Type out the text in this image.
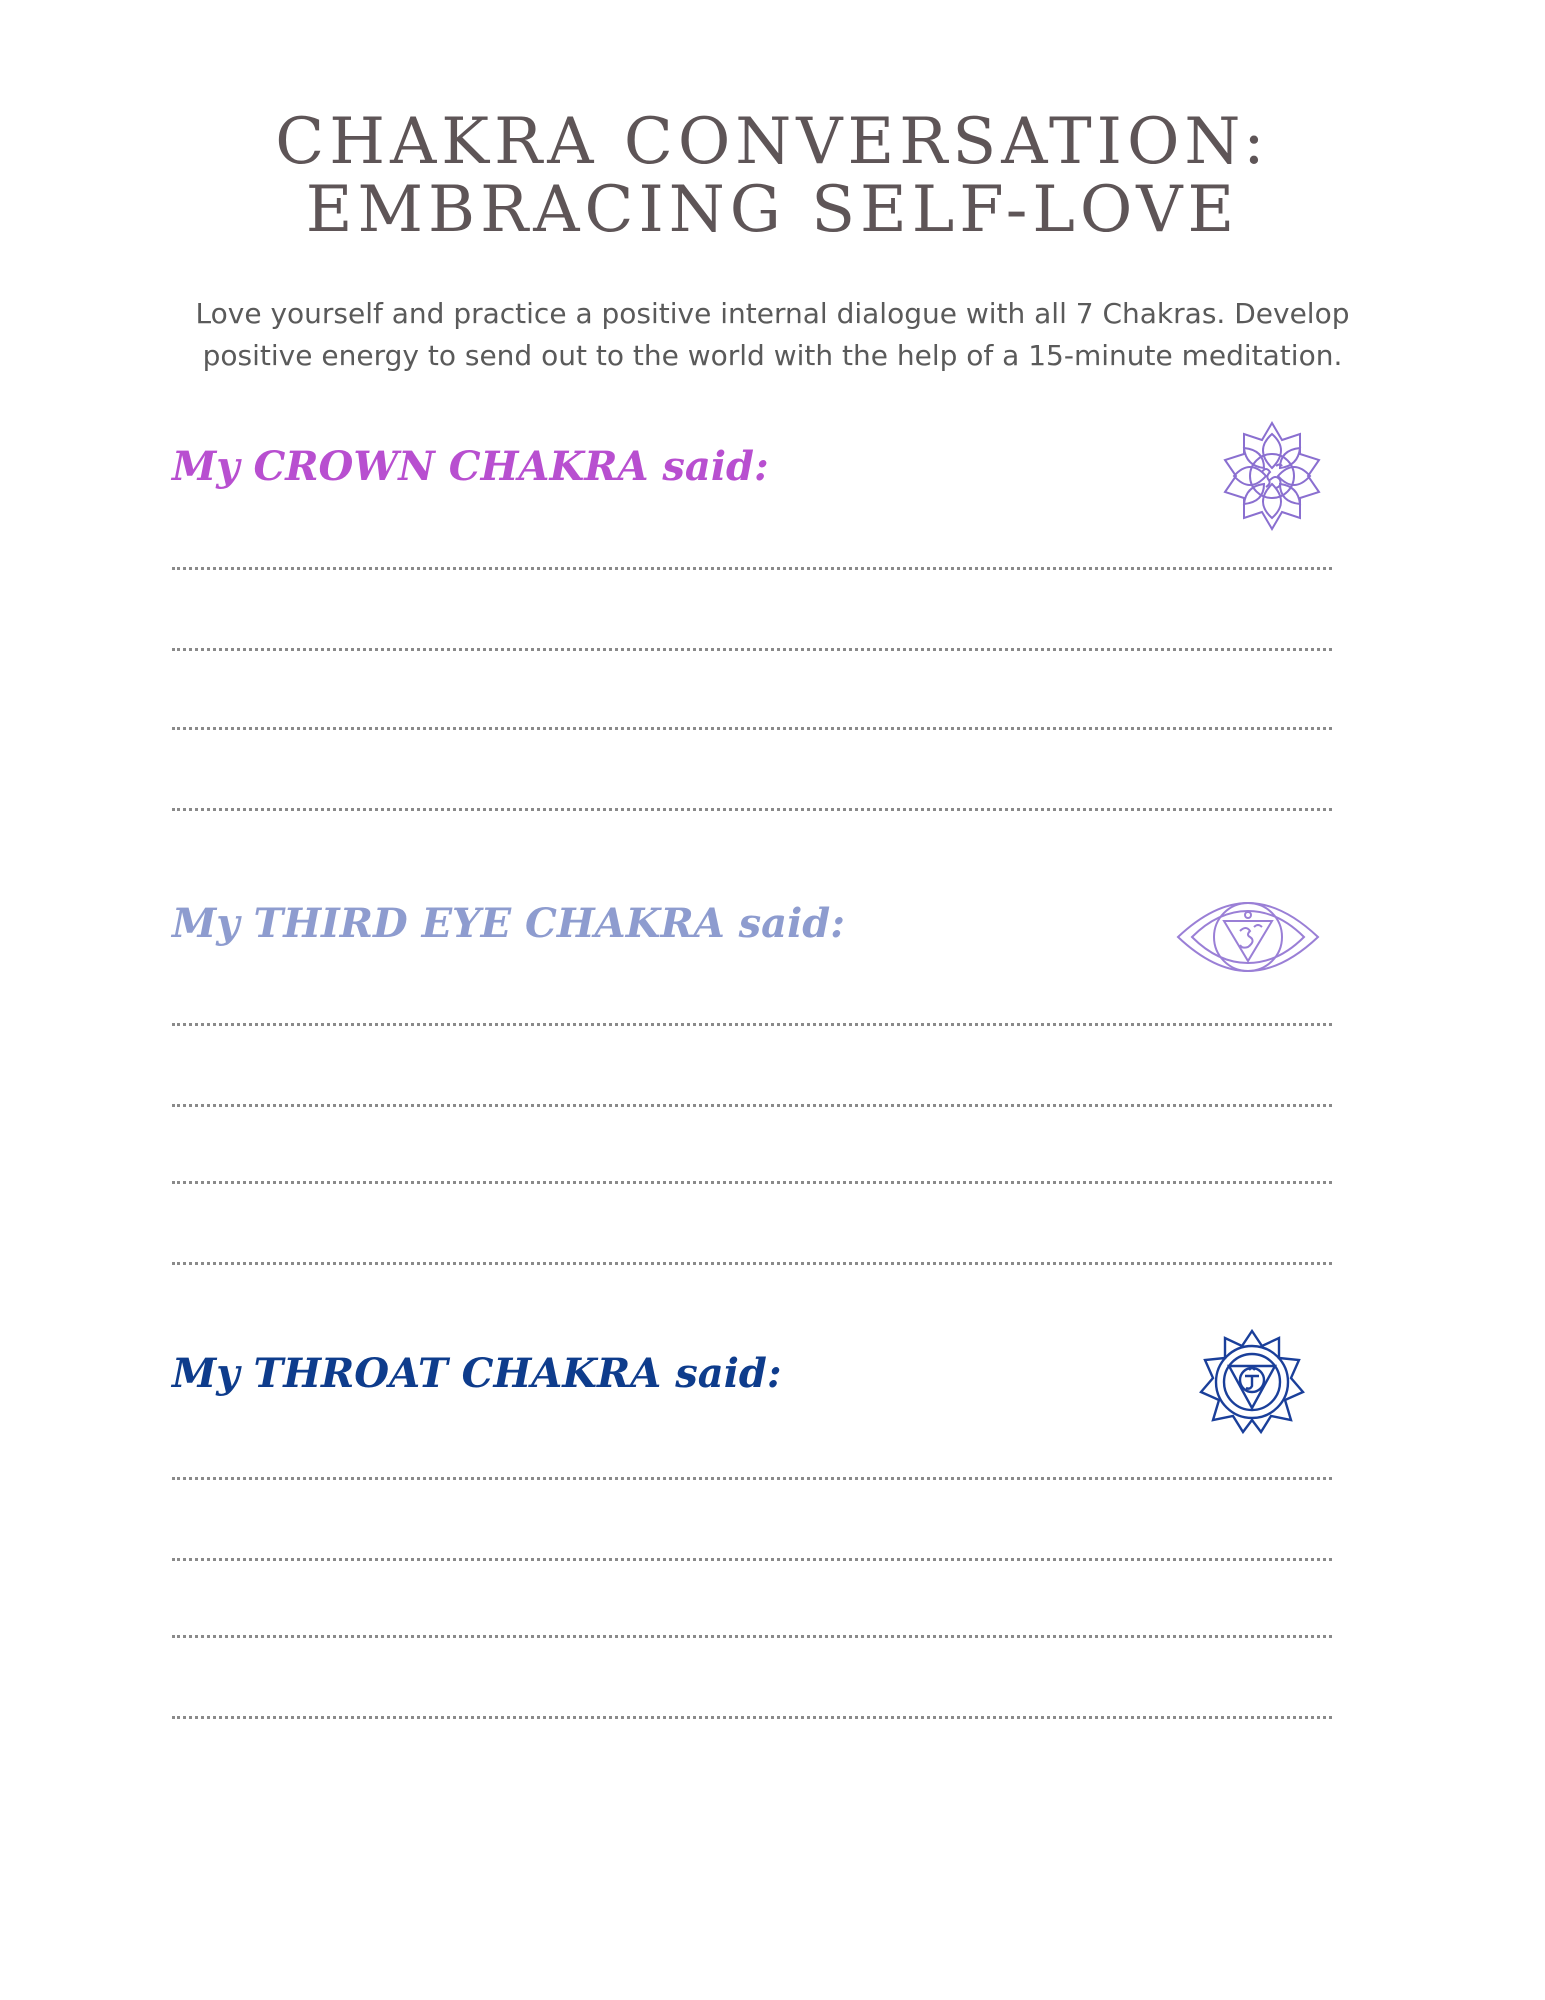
CHAKRA CONVERSATION:
EMBRACING SELF-LOVE

Love yourself and practice a positive internal dialogue with all 7 Chakras. Develop
positive energy to send out to the world with the help of a 15-minute meditation.

My CROWN CHAKRA said:
My THIRD EYE CHAKRA said:
My THROAT CHAKRA said:
